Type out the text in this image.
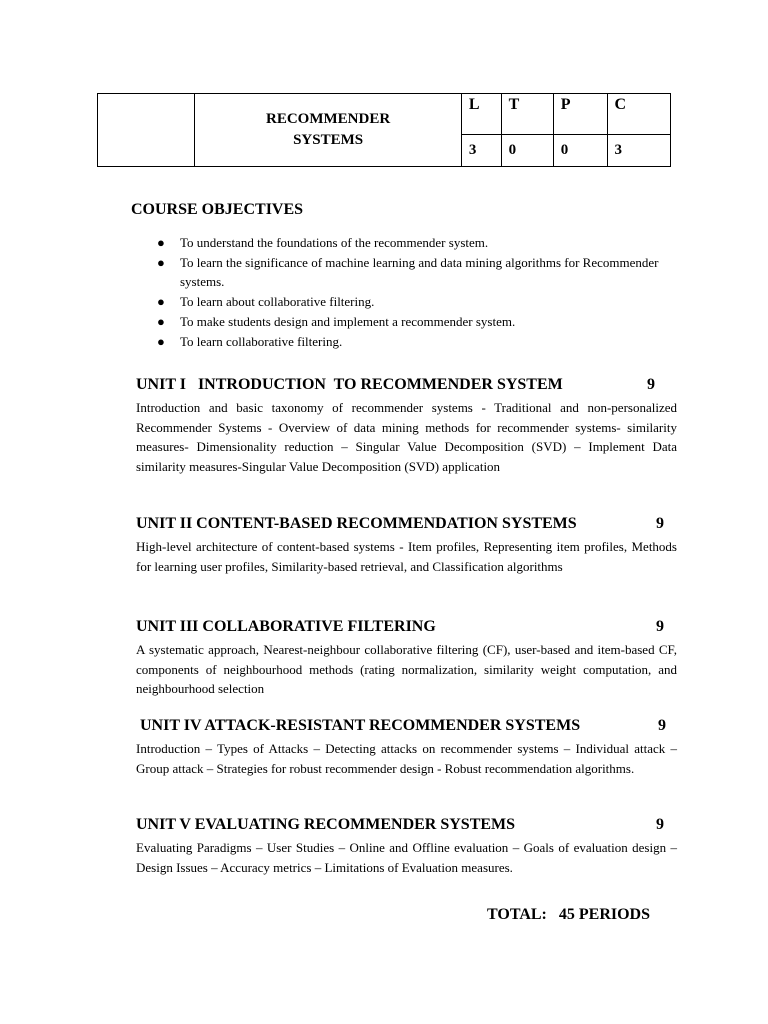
	RECOMMENDER
SYSTEMS	L	T	P	C
		3	0	0	3
COURSE OBJECTIVES
● To understand the foundations of the recommender system.
● To learn the significance of machine learning and data mining algorithms for Recommender systems.
● To learn about collaborative filtering.
● To make students design and implement a recommender system.
● To learn collaborative filtering.
UNIT I   INTRODUCTION  TO RECOMMENDER SYSTEM	9
Introduction and basic taxonomy of recommender systems - Traditional and non-personalized Recommender Systems - Overview of data mining methods for recommender systems- similarity measures- Dimensionality reduction – Singular Value Decomposition (SVD) – Implement Data similarity measures-Singular Value Decomposition (SVD) application
UNIT II CONTENT-BASED RECOMMENDATION SYSTEMS	9
High-level architecture of content-based systems - Item profiles, Representing item profiles, Methods for learning user profiles, Similarity-based retrieval, and Classification algorithms
UNIT III COLLABORATIVE FILTERING	9
A systematic approach, Nearest-neighbour collaborative filtering (CF), user-based and item-based CF, components of neighbourhood methods (rating normalization, similarity weight computation, and neighbourhood selection
UNIT IV ATTACK-RESISTANT RECOMMENDER SYSTEMS	9
Introduction – Types of Attacks – Detecting attacks on recommender systems – Individual attack – Group attack – Strategies for robust recommender design - Robust recommendation algorithms.
UNIT V EVALUATING RECOMMENDER SYSTEMS	9
Evaluating Paradigms – User Studies – Online and Offline evaluation – Goals of evaluation design – Design Issues – Accuracy metrics – Limitations of Evaluation measures.
TOTAL: 45 PERIODS
